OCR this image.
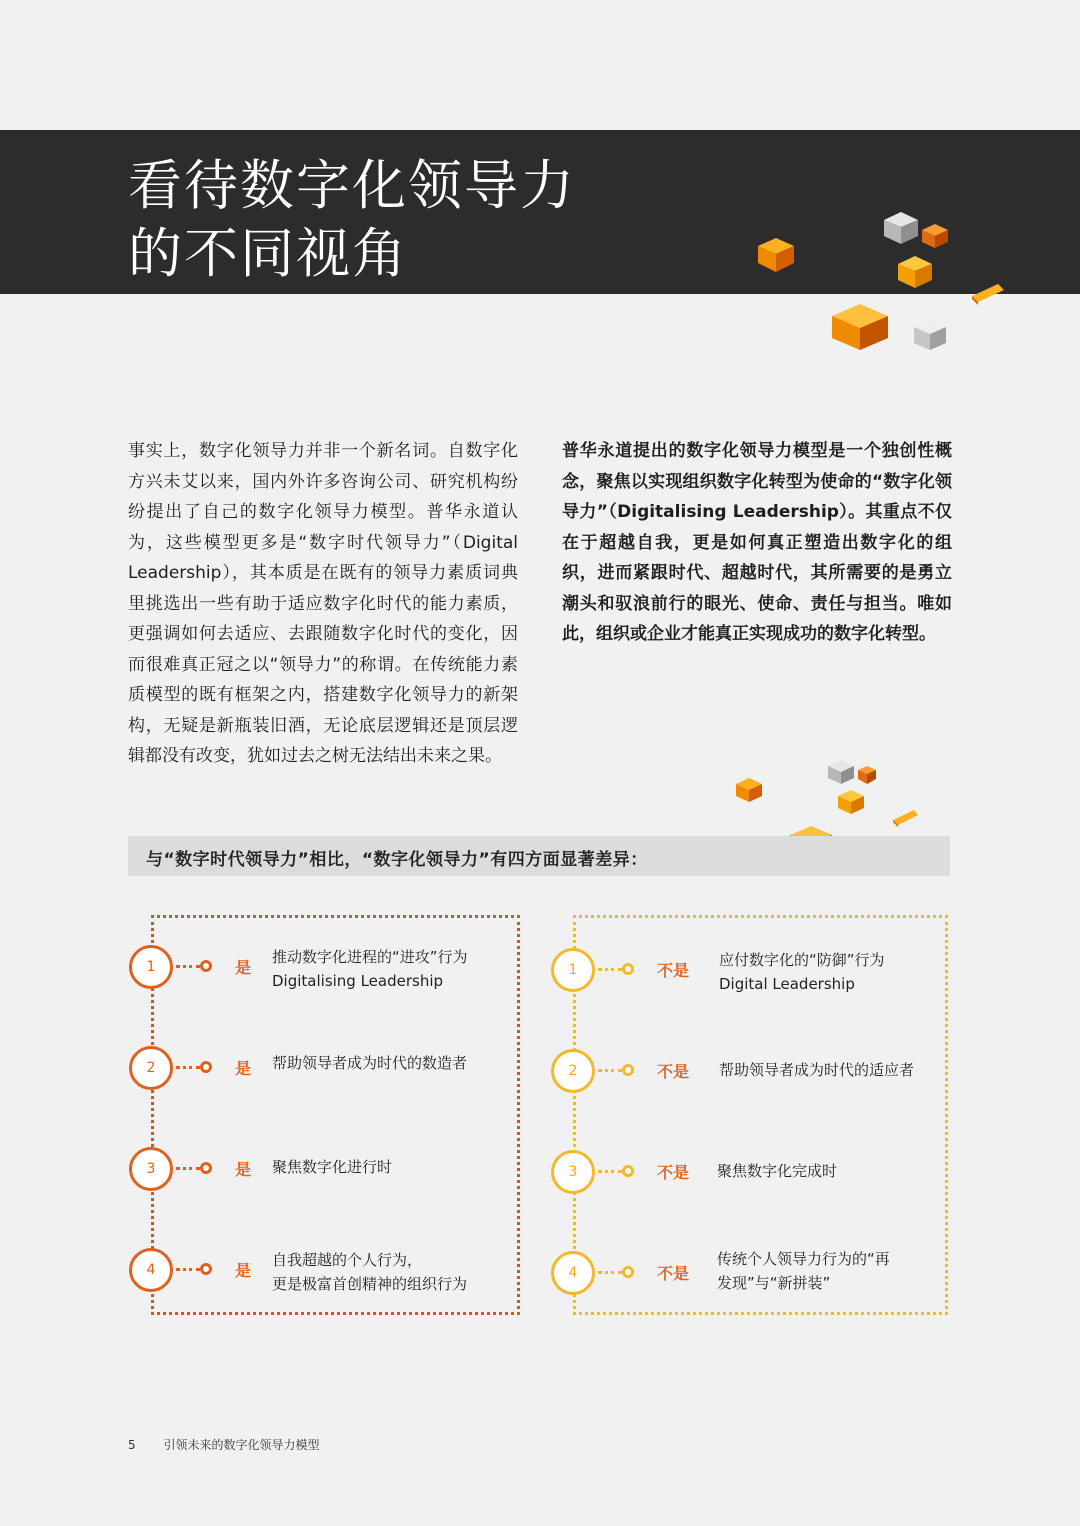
看待数字化领导力
的不同视角

事实上，数字化领导力并非一个新名词。自数字化方兴未艾以来，国内外许多咨询公司、研究机构纷纷提出了自己的数字化领导力模型。普华永道认为，这些模型更多是“数字时代领导力”（Digital Leadership），其本质是在既有的领导力素质词典里挑选出一些有助于适应数字化时代的能力素质，更强调如何去适应、去跟随数字化时代的变化，因而很难真正冠之以“领导力”的称谓。在传统能力素质模型的既有框架之内，搭建数字化领导力的新架构，无疑是新瓶装旧酒，无论底层逻辑还是顶层逻辑都没有改变，犹如过去之树无法结出未来之果。

普华永道提出的数字化领导力模型是一个独创性概念，聚焦以实现组织数字化转型为使命的“数字化领导力”（Digitalising Leadership）。其重点不仅在于超越自我，更是如何真正塑造出数字化的组织，进而紧跟时代、超越时代，其所需要的是勇立潮头和驭浪前行的眼光、使命、责任与担当。唯如此，组织或企业才能真正实现成功的数字化转型。

与“数字时代领导力”相比，“数字化领导力”有四方面显著差异：
1	是
推动数字化进程的“进攻”行为
Digitalising Leadership
2	是 帮助领导者成为时代的数造者
3	是 聚焦数字化进行时
4	是
自我超越的个人行为，
更是极富首创精神的组织行为
1	不是
应付数字化的“防御”行为
Digital Leadership
2	不是 帮助领导者成为时代的适应者
3	不是 聚焦数字化完成时
4	不是
传统个人领导力行为的“再
发现”与“新拼装”
5 引领未来的数字化领导力模型
